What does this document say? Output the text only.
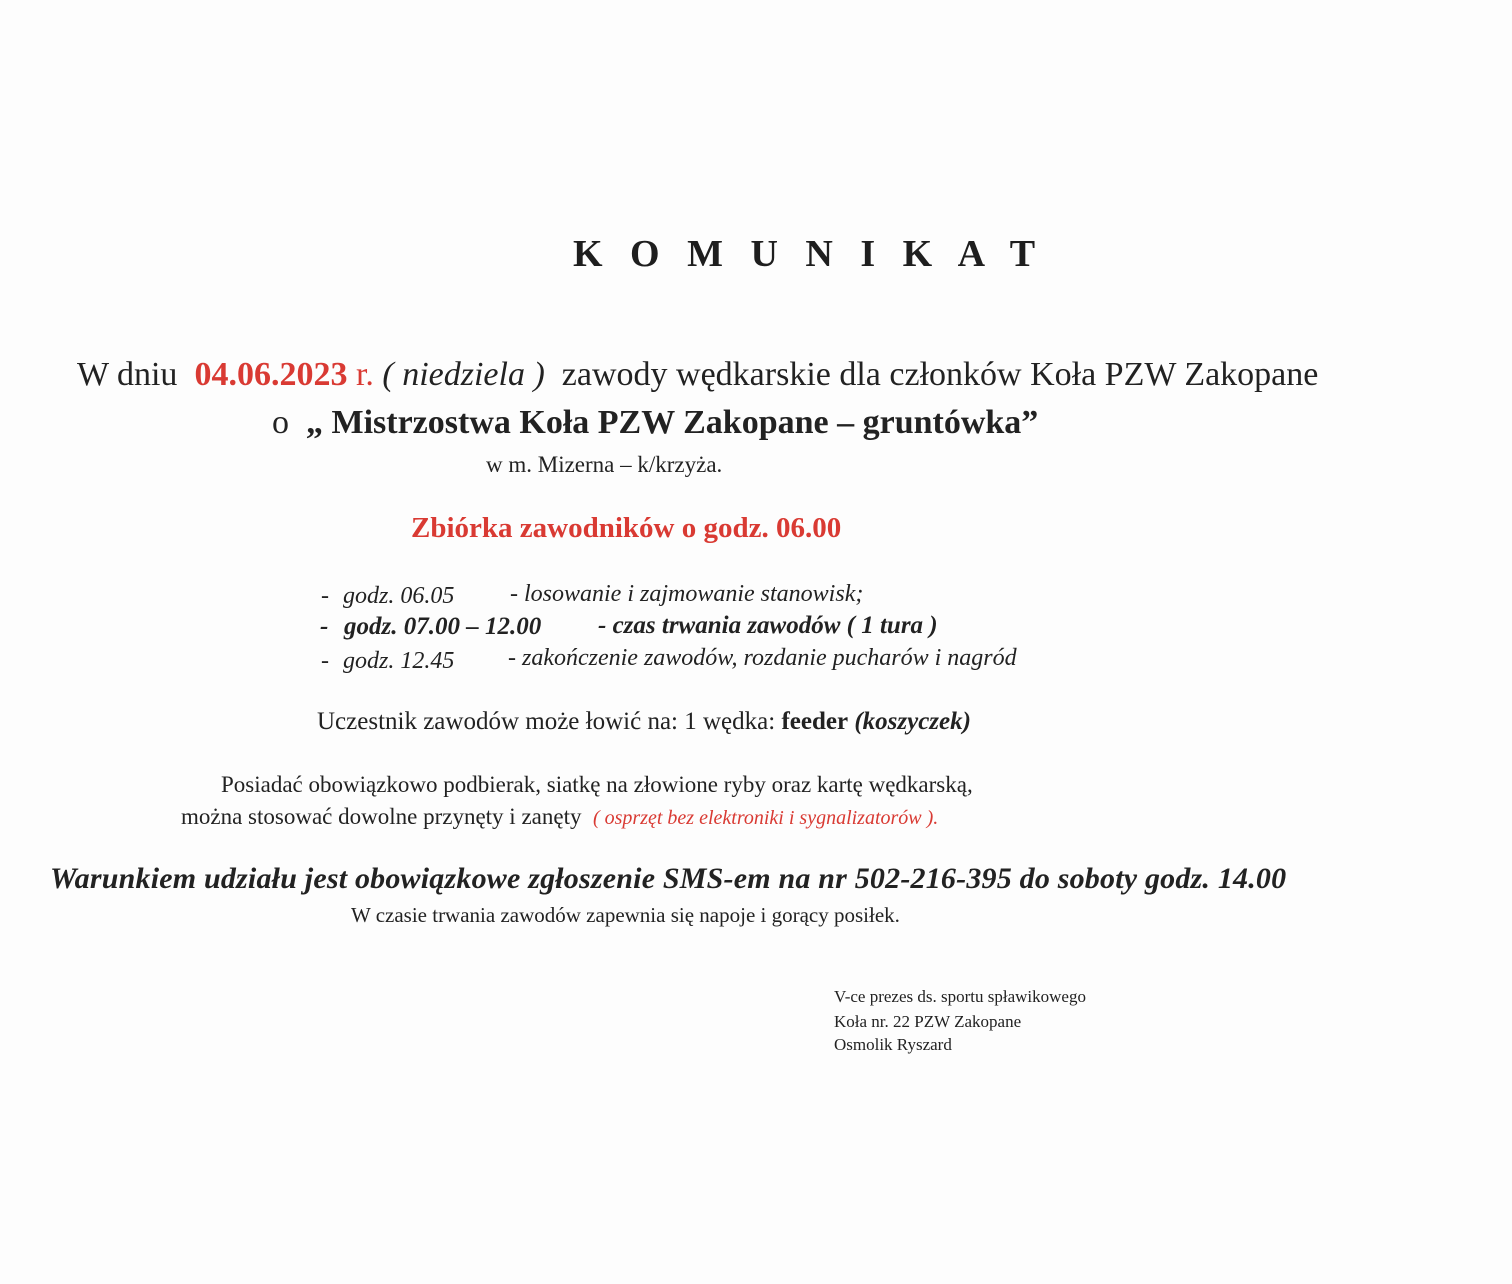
K O M U N I K A T
W dniu 04.06.2023 r. ( niedziela ) zawody wędkarskie dla członków Koła PZW Zakopane
o „ Mistrzostwa Koła PZW Zakopane – gruntówka”
w m. Mizerna – k/krzyża.
Zbiórka zawodników o godz. 06.00
- godz. 06.05 - losowanie i zajmowanie stanowisk;
- godz. 07.00 – 12.00 - czas trwania zawodów ( 1 tura )
- godz. 12.45 - zakończenie zawodów, rozdanie pucharów i nagród
Uczestnik zawodów może łowić na: 1 wędka: feeder (koszyczek)
Posiadać obowiązkowo podbierak, siatkę na złowione ryby oraz kartę wędkarską,
można stosować dowolne przynęty i zanęty ( osprzęt bez elektroniki i sygnalizatorów ).
Warunkiem udziału jest obowiązkowe zgłoszenie SMS-em na nr 502-216-395 do soboty godz. 14.00
W czasie trwania zawodów zapewnia się napoje i gorący posiłek.
V-ce prezes ds. sportu spławikowego
Koła nr. 22 PZW Zakopane
Osmolik Ryszard
